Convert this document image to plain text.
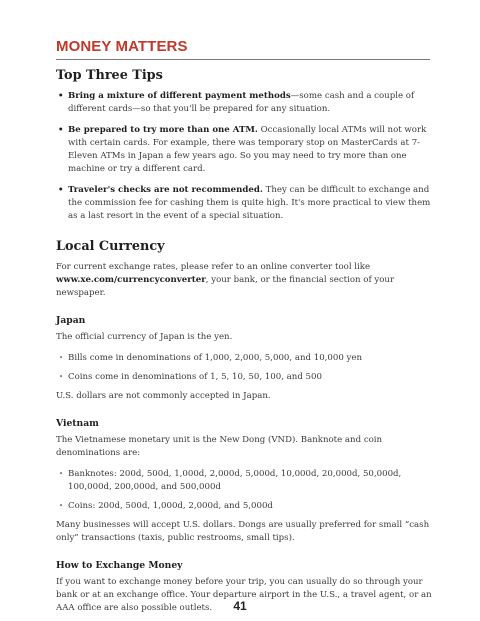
MONEY MATTERS
Top Three Tips
• Bring a mixture of different payment methods—some cash and a couple of different cards—so that you'll be prepared for any situation.
• Be prepared to try more than one ATM. Occasionally local ATMs will not work with certain cards. For example, there was temporary stop on MasterCards at 7-Eleven ATMs in Japan a few years ago. So you may need to try more than one machine or try a different card.
• Traveler's checks are not recommended. They can be difficult to exchange and the commission fee for cashing them is quite high. It's more practical to view them as a last resort in the event of a special situation.
Local Currency

For current exchange rates, please refer to an online converter tool like www.xe.com/currencyconverter, your bank, or the financial section of your newspaper.

Japan

The official currency of Japan is the yen.

• Bills come in denominations of 1,000, 2,000, 5,000, and 10,000 yen
• Coins come in denominations of 1, 5, 10, 50, 100, and 500

U.S. dollars are not commonly accepted in Japan.

Vietnam

The Vietnamese monetary unit is the New Dong (VND). Banknote and coin denominations are:

• Banknotes: 200d, 500d, 1,000d, 2,000d, 5,000d, 10,000d, 20,000d, 50,000d, 100,000d, 200,000d, and 500,000d
• Coins: 200d, 500d, 1,000d, 2,000d, and 5,000d

Many businesses will accept U.S. dollars. Dongs are usually preferred for small “cash only” transactions (taxis, public restrooms, small tips).

How to Exchange Money

If you want to exchange money before your trip, you can usually do so through your bank or at an exchange office. Your departure airport in the U.S., a travel agent, or an AAA office are also possible outlets.	41
